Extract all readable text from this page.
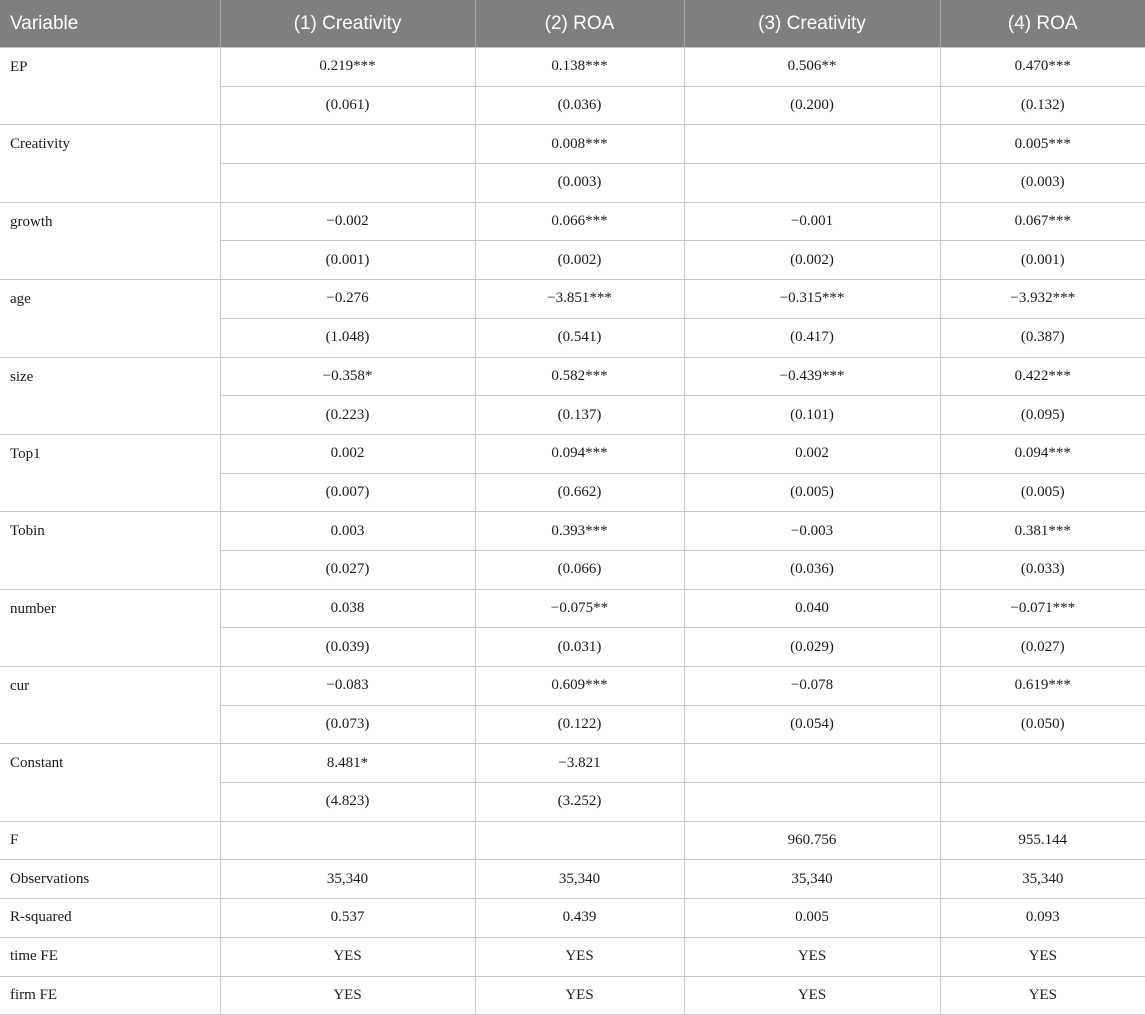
Variable	(1) Creativity	(2) ROA	(3) Creativity	(4) ROA
EP	0.219***	0.138***	0.506**	0.470***
	(0.061)	(0.036)	(0.200)	(0.132)
Creativity		0.008***		0.005***
		(0.003)		(0.003)
growth	−0.002	0.066***	−0.001	0.067***
	(0.001)	(0.002)	(0.002)	(0.001)
age	−0.276	−3.851***	−0.315***	−3.932***
	(1.048)	(0.541)	(0.417)	(0.387)
size	−0.358*	0.582***	−0.439***	0.422***
	(0.223)	(0.137)	(0.101)	(0.095)
Top1	0.002	0.094***	0.002	0.094***
	(0.007)	(0.662)	(0.005)	(0.005)
Tobin	0.003	0.393***	−0.003	0.381***
	(0.027)	(0.066)	(0.036)	(0.033)
number	0.038	−0.075**	0.040	−0.071***
	(0.039)	(0.031)	(0.029)	(0.027)
cur	−0.083	0.609***	−0.078	0.619***
	(0.073)	(0.122)	(0.054)	(0.050)
Constant	8.481*	−3.821		
	(4.823)	(3.252)		
F			960.756	955.144
Observations	35,340	35,340	35,340	35,340
R-squared	0.537	0.439	0.005	0.093
time FE	YES	YES	YES	YES
firm FE	YES	YES	YES	YES
